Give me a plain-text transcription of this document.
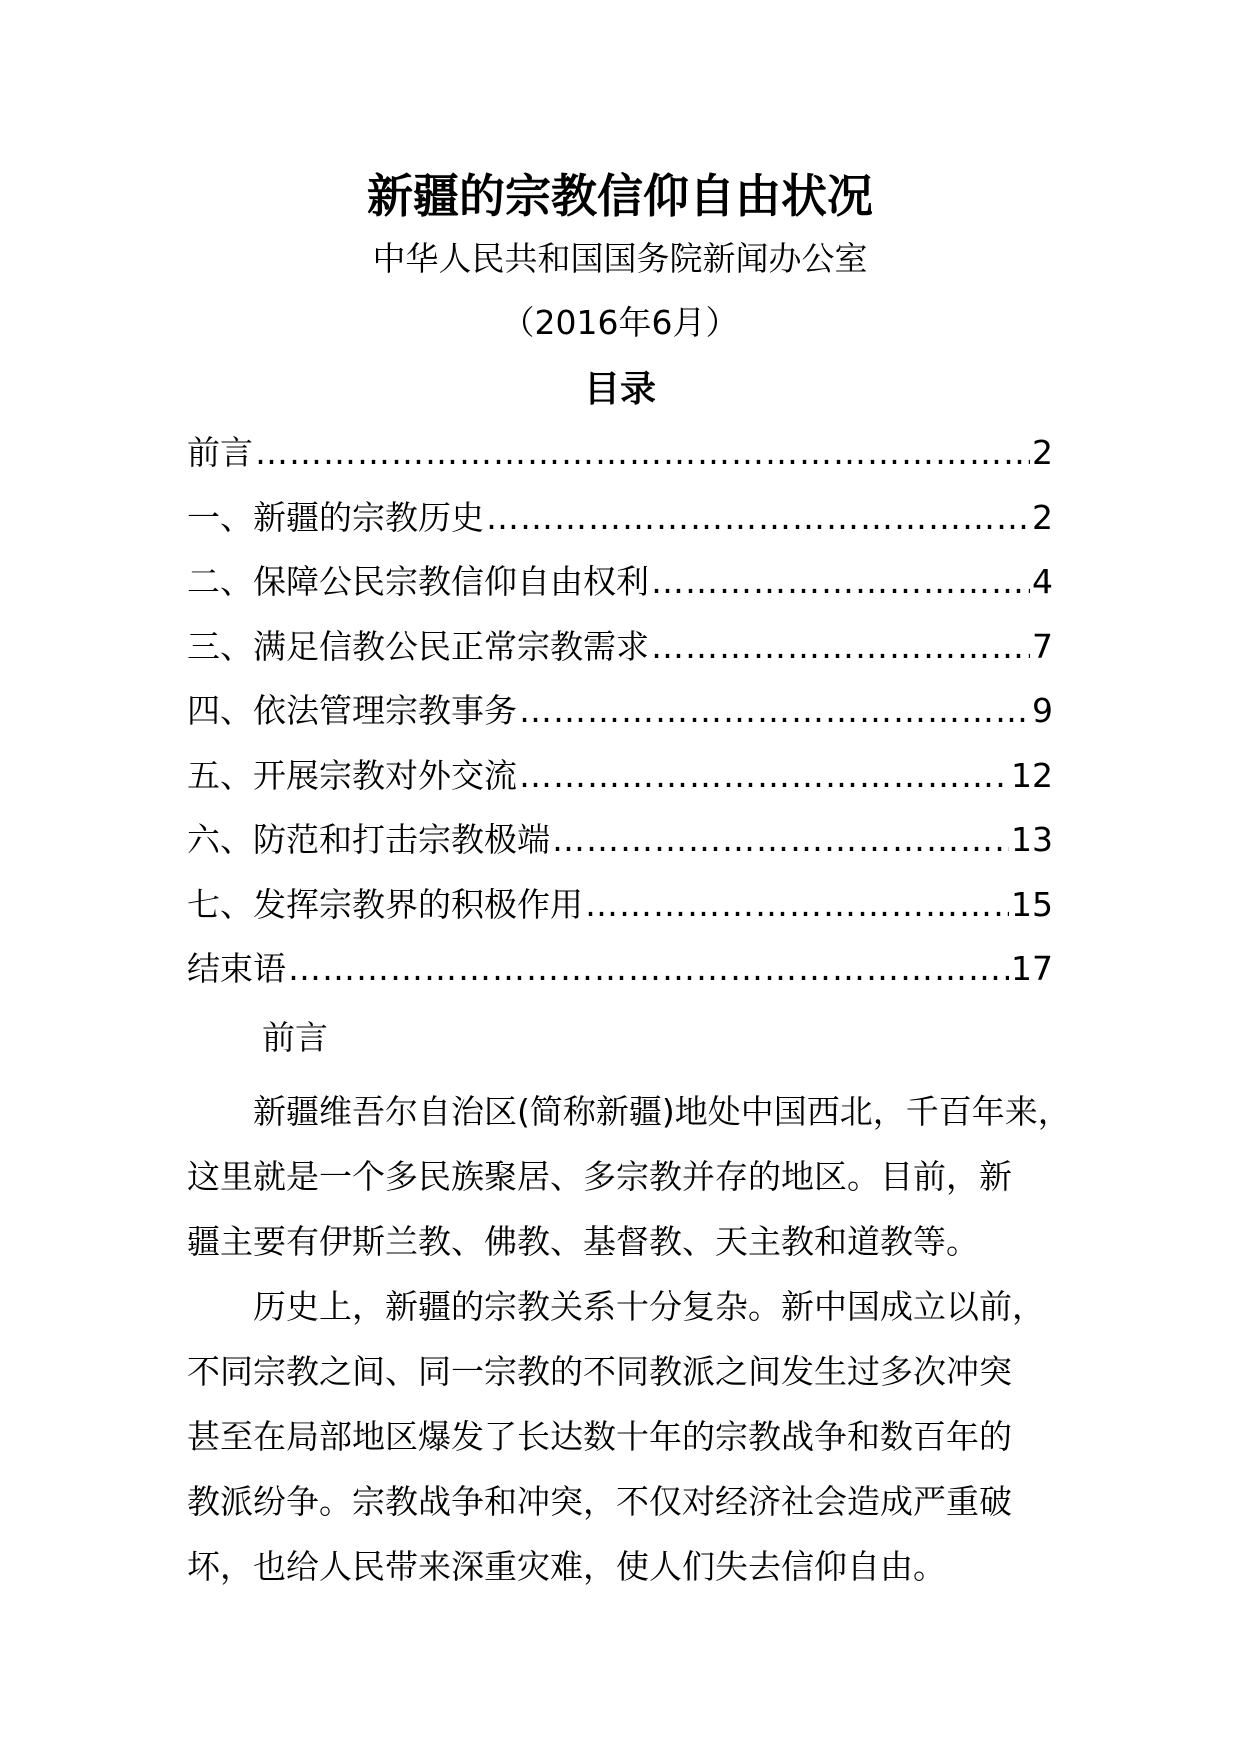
新疆的宗教信仰自由状况
中华人民共和国国务院新闻办公室
（2016年6月）
目录
前言 ……………………………………………………………………………………………………………………………………	2
一、新疆的宗教历史 ……………………………………………………………………………………………………………………………………	2
二、保障公民宗教信仰自由权利 ……………………………………………………………………………………………………………………………………	4
三、满足信教公民正常宗教需求 ……………………………………………………………………………………………………………………………………	7
四、依法管理宗教事务 ……………………………………………………………………………………………………………………………………	9
五、开展宗教对外交流 ……………………………………………………………………………………………………………………………………	12
六、防范和打击宗教极端 ……………………………………………………………………………………………………………………………………	13
七、发挥宗教界的积极作用 ……………………………………………………………………………………………………………………………………	15
结束语 ……………………………………………………………………………………………………………………………………	17
前言
新疆维吾尔自治区(简称新疆)地处中国西北，千百年来，
这里就是一个多民族聚居、多宗教并存的地区。目前，新
疆主要有伊斯兰教、佛教、基督教、天主教和道教等。
历史上，新疆的宗教关系十分复杂。新中国成立以前，
不同宗教之间、同一宗教的不同教派之间发生过多次冲突
甚至在局部地区爆发了长达数十年的宗教战争和数百年的
教派纷争。宗教战争和冲突，不仅对经济社会造成严重破
坏，也给人民带来深重灾难，使人们失去信仰自由。
